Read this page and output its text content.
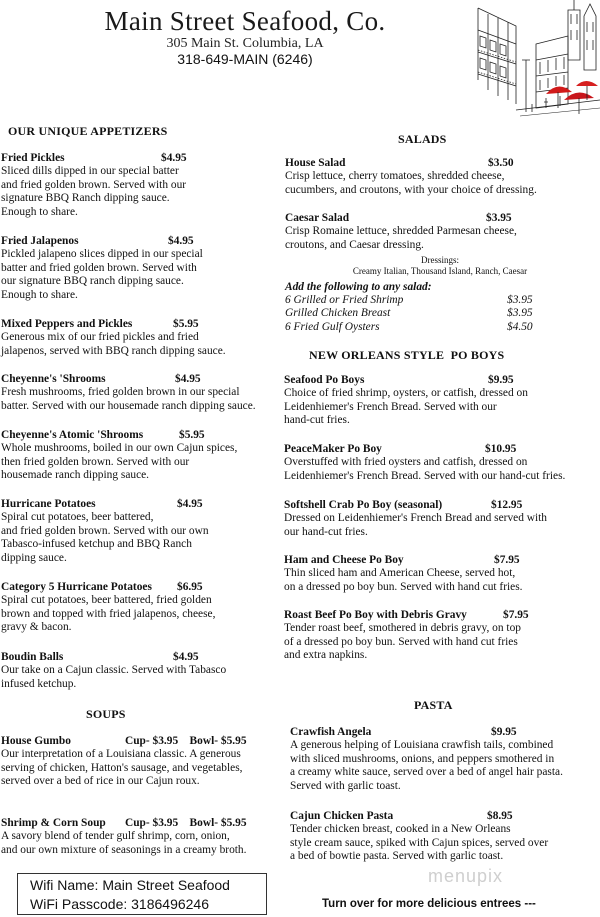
Main Street Seafood, Co.
305 Main St. Columbia, LA
318-649-MAIN (6246)
OUR UNIQUE APPETIZERS
Fried Pickles	$4.95
Sliced dills dipped in our special batter
and fried golden brown. Served with our
signature BBQ Ranch dipping sauce.
Enough to share.
Fried Jalapenos	$4.95
Pickled jalapeno slices dipped in our special
batter and fried golden brown. Served with
our signature BBQ ranch dipping sauce.
Enough to share.
Mixed Peppers and Pickles	$5.95
Generous mix of our fried pickles and fried
jalapenos, served with BBQ ranch dipping sauce.
Cheyenne's 'Shrooms	$4.95
Fresh mushrooms, fried golden brown in our special
batter. Served with our housemade ranch dipping sauce.
Cheyenne's Atomic 'Shrooms	$5.95
Whole mushrooms, boiled in our own Cajun spices,
then fried golden brown. Served with our
housemade ranch dipping sauce.
Hurricane Potatoes	$4.95
Spiral cut potatoes, beer battered,
and fried golden brown. Served with our own
Tabasco-infused ketchup and BBQ Ranch
dipping sauce.
Category 5 Hurricane Potatoes	$6.95
Spiral cut potatoes, beer battered, fried golden
brown and topped with fried jalapenos, cheese,
gravy & bacon.
Boudin Balls	$4.95
Our take on a Cajun classic. Served with Tabasco
infused ketchup.
SOUPS
House Gumbo	Cup- $3.95    Bowl- $5.95
Our interpretation of a Louisiana classic. A generous
serving of chicken, Hatton's sausage, and vegetables,
served over a bed of rice in our Cajun roux.
Shrimp & Corn Soup	Cup- $3.95    Bowl- $5.95
A savory blend of tender gulf shrimp, corn, onion,
and our own mixture of seasonings in a creamy broth.
Wifi Name: Main Street Seafood
WiFi Passcode: 3186496246
SALADS
House Salad	$3.50
Crisp lettuce, cherry tomatoes, shredded cheese,
cucumbers, and croutons, with your choice of dressing.
Caesar Salad	$3.95
Crisp Romaine lettuce, shredded Parmesan cheese,
croutons, and Caesar dressing.
Dressings:
Creamy Italian, Thousand Island, Ranch, Caesar
Add the following to any salad:
6 Grilled or Fried Shrimp	$3.95
Grilled Chicken Breast	$3.95
6 Fried Gulf Oysters	$4.50
NEW ORLEANS STYLE  PO BOYS
Seafood Po Boys	$9.95
Choice of fried shrimp, oysters, or catfish, dressed on
Leidenhiemer's French Bread. Served with our
hand-cut fries.
PeaceMaker Po Boy	$10.95
Overstuffed with fried oysters and catfish, dressed on
Leidenhiemer's French Bread. Served with our hand-cut fries.
Softshell Crab Po Boy (seasonal)	$12.95
Dressed on Leidenhiemer's French Bread and served with
our hand-cut fries.
Ham and Cheese Po Boy	$7.95
Thin sliced ham and American Cheese, served hot,
on a dressed po boy bun. Served with hand cut fries.
Roast Beef Po Boy with Debris Gravy	$7.95
Tender roast beef, smothered in debris gravy, on top
of a dressed po boy bun. Served with hand cut fries
and extra napkins.
PASTA
Crawfish Angela	$9.95
A generous helping of Louisiana crawfish tails, combined
with sliced mushrooms, onions, and peppers smothered in
a creamy white sauce, served over a bed of angel hair pasta.
Served with garlic toast.
Cajun Chicken Pasta	$8.95
Tender chicken breast, cooked in a New Orleans
style cream sauce, spiked with Cajun spices, served over
a bed of bowtie pasta. Served with garlic toast.
menupix
Turn over for more delicious entrees ---
